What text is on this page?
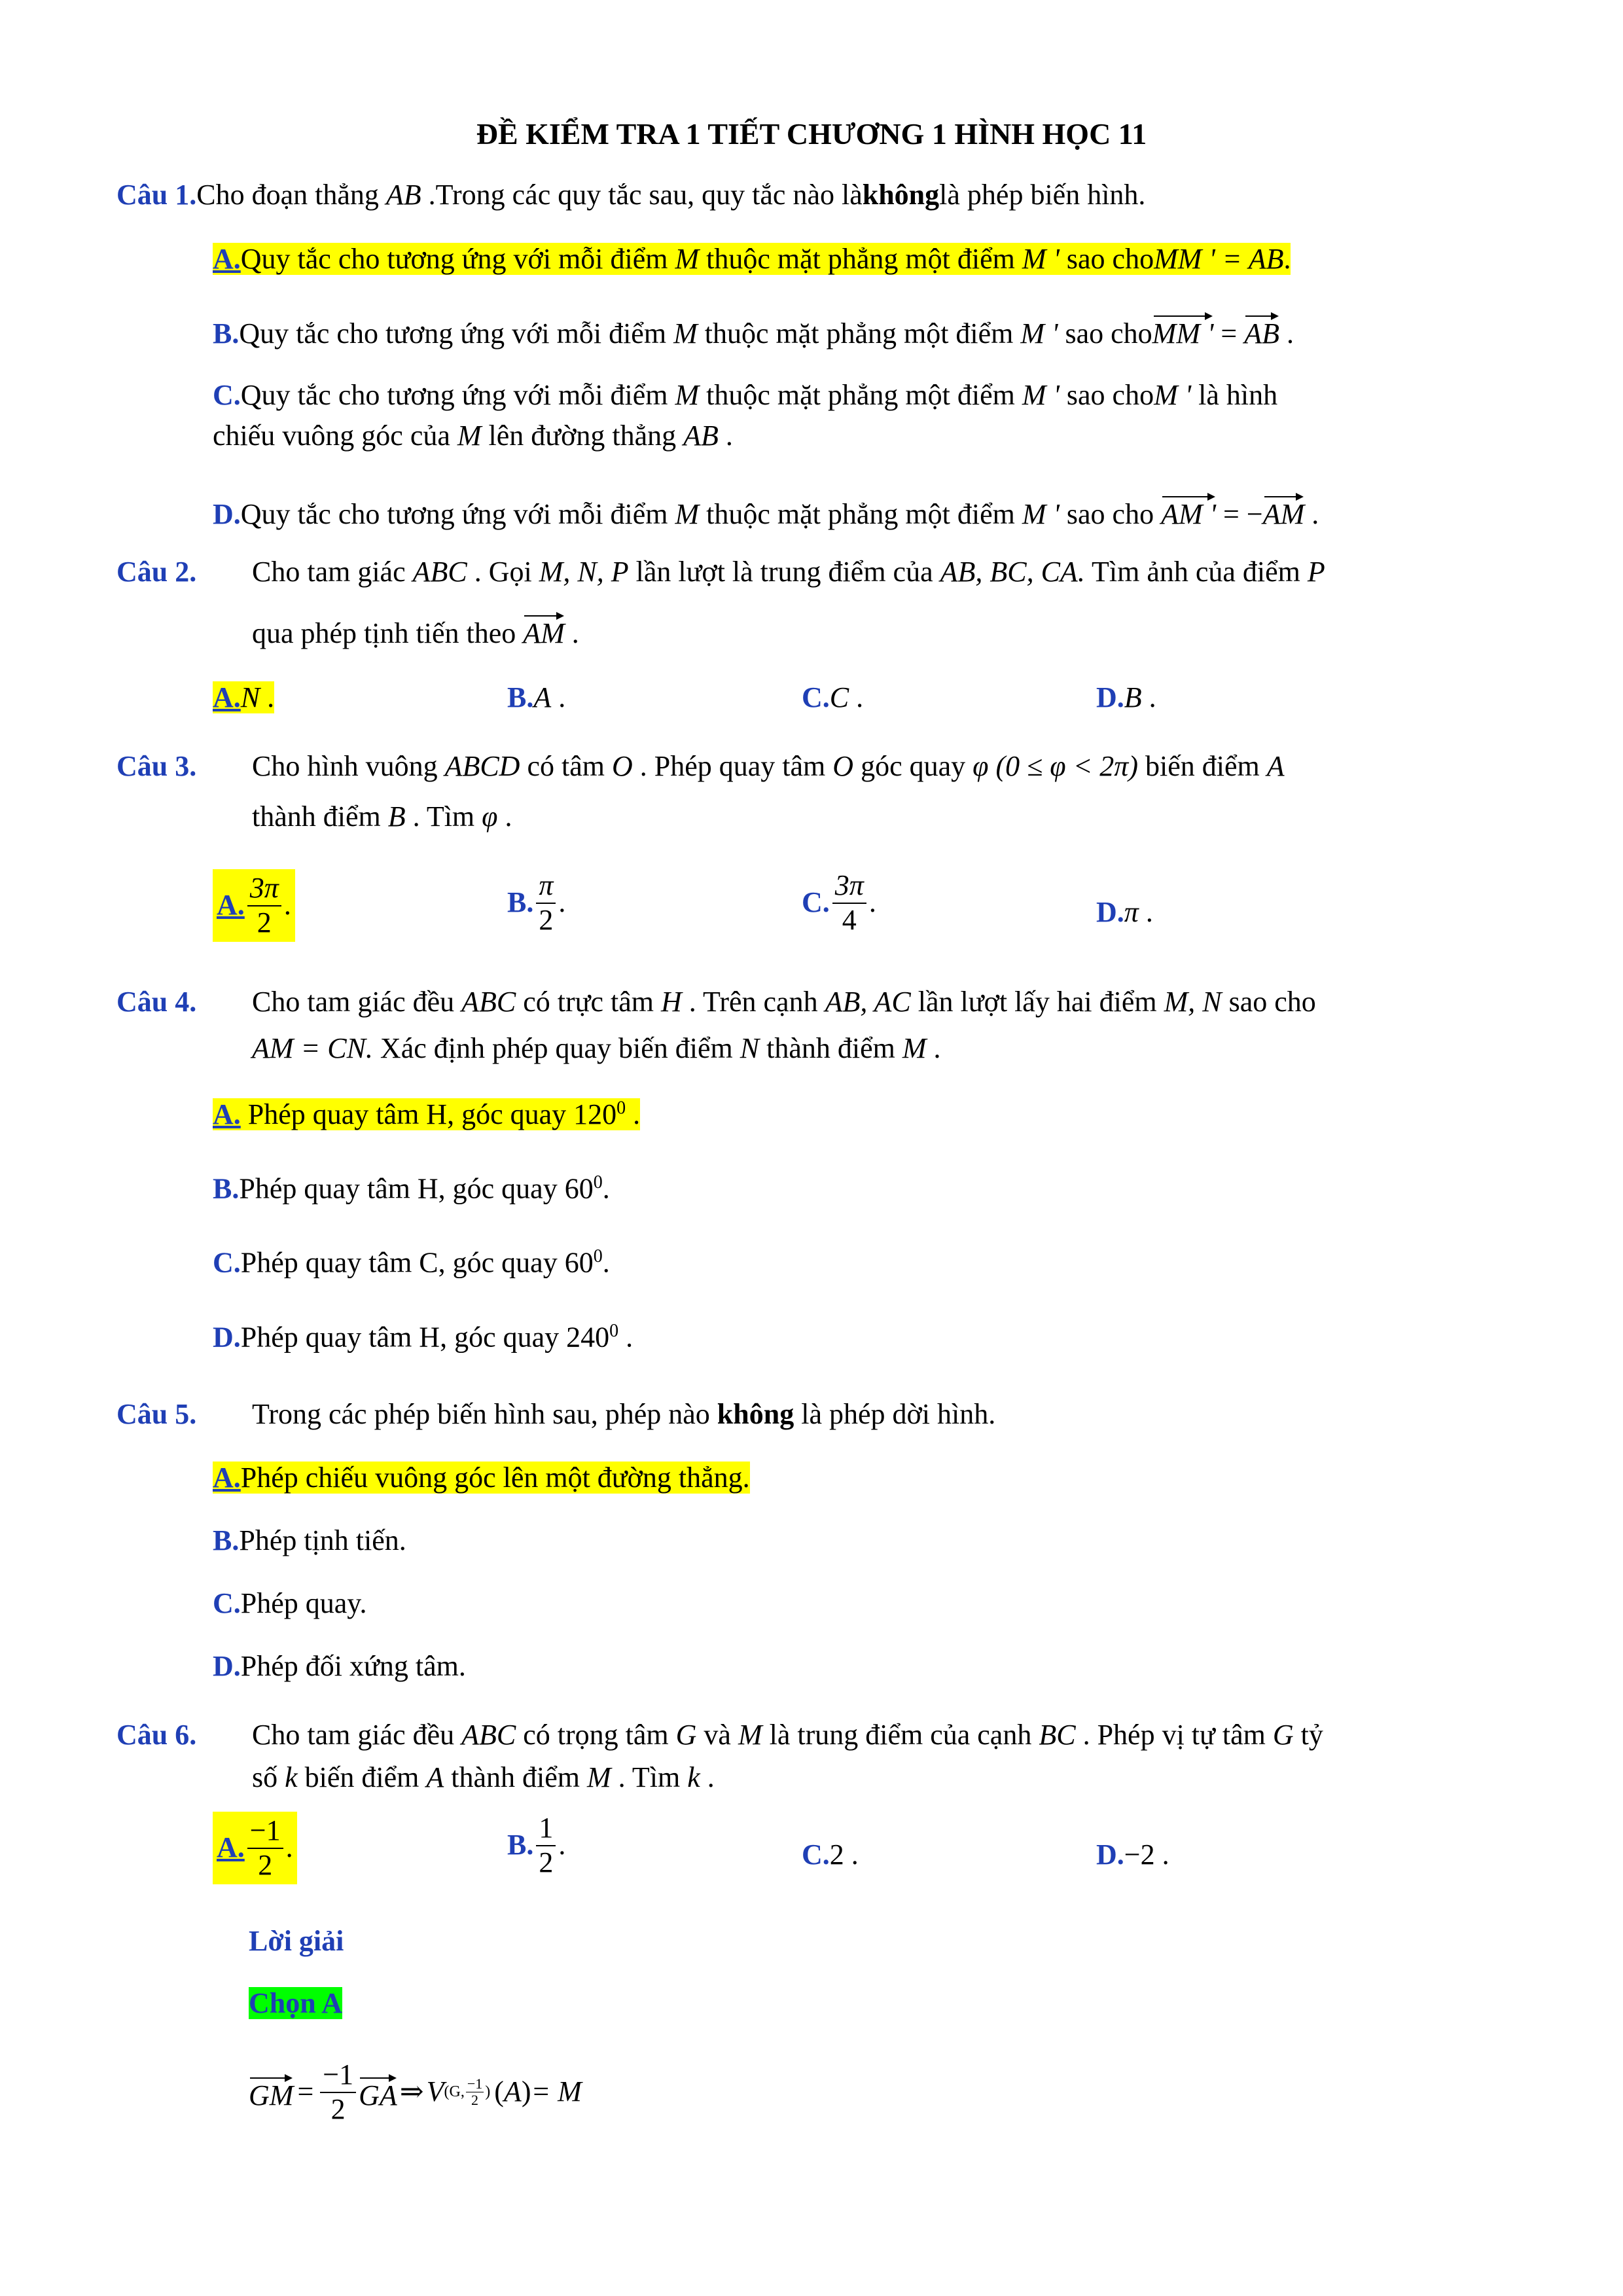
ĐỀ KIỂM TRA 1 TIẾT CHƯƠNG 1 HÌNH HỌC 11
Câu 1.Cho đoạn thẳng AB .Trong các quy tắc sau, quy tắc nào làkhônglà phép biến hình.
A.Quy tắc cho tương ứng với mỗi điểm M thuộc mặt phẳng một điểm M ' sao choMM ' = AB.
B.Quy tắc cho tương ứng với mỗi điểm M thuộc mặt phẳng một điểm M ' sao choMM ' = AB .
C.Quy tắc cho tương ứng với mỗi điểm M thuộc mặt phẳng một điểm M ' sao choM ' là hình
chiếu vuông góc của M lên đường thẳng AB .
D.Quy tắc cho tương ứng với mỗi điểm M thuộc mặt phẳng một điểm M ' sao cho AM ' = −AM .
Câu 2. Cho tam giác ABC . Gọi M, N, P lần lượt là trung điểm của AB, BC, CA. Tìm ảnh của điểm P
qua phép tịnh tiến theo AM .
A.N .	B.A .	C.C .	D.B .
Câu 3. Cho hình vuông ABCD có tâm O . Phép quay tâm O góc quay φ (0 ≤ φ < 2π) biến điểm A
thành điểm B . Tìm φ .
A. $\frac{3\pi}{2}$ .	B. $\frac{\pi}{2}$ .	C. $\frac{3\pi}{4}$ .	D.π .
Câu 4. Cho tam giác đều ABC có trực tâm H . Trên cạnh AB, AC lần lượt lấy hai điểm M, N sao cho
AM = CN. Xác định phép quay biến điểm N thành điểm M .
A. Phép quay tâm H, góc quay $120^0$ .
B.Phép quay tâm H, góc quay $60^0$.
C.Phép quay tâm C, góc quay $60^0$.
D.Phép quay tâm H, góc quay $240^0$ .
Câu 5. Trong các phép biến hình sau, phép nào không là phép dời hình.
A.Phép chiếu vuông góc lên một đường thẳng.
B.Phép tịnh tiến.
C.Phép quay.
D.Phép đối xứng tâm.
Câu 6. Cho tam giác đều ABC có trọng tâm G và M là trung điểm của cạnh BC . Phép vị tự tâm G tỷ
số k biến điểm A thành điểm M . Tìm k .
A. $\frac{-1}{2}$ .	B. $\frac{1}{2}$ .	C.2 .	D.−2 .
Lời giải
Chọn A
GM = $\frac{-1}{2}$ GA ⇒ V (G, $\frac{-1}{2}$ ) ( A ) = M
